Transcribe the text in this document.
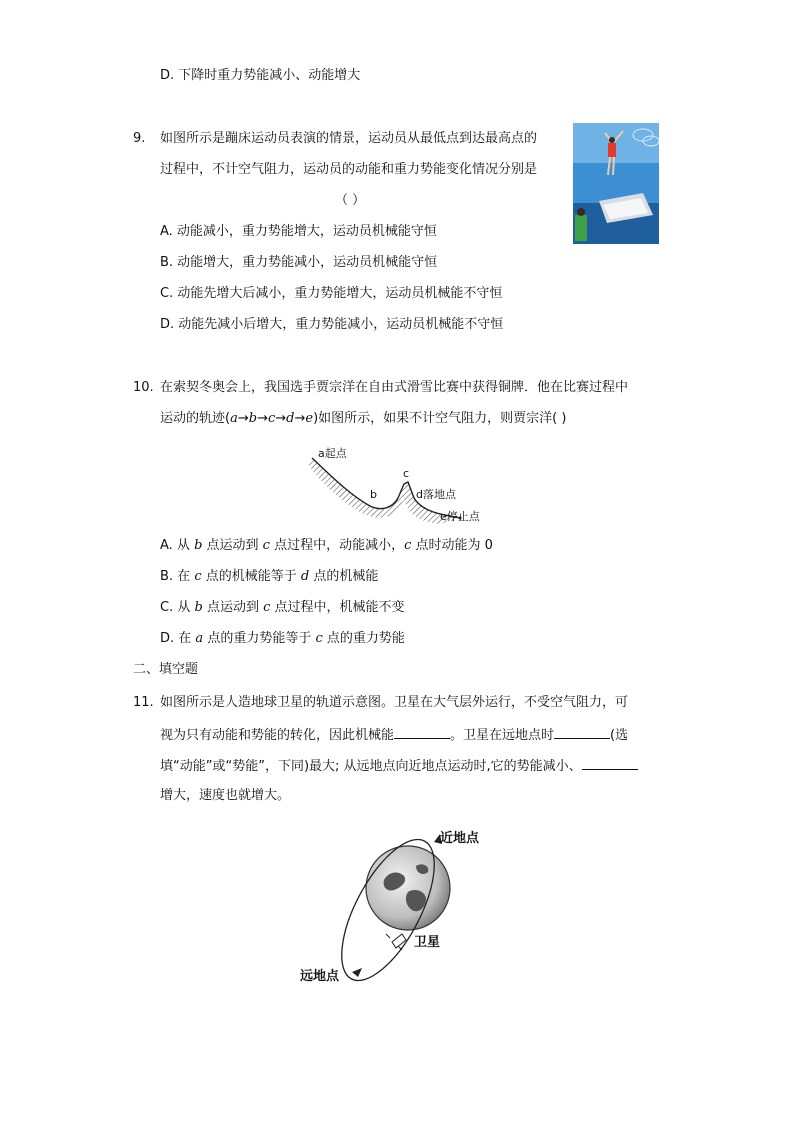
D. 下降时重力势能减小、动能增大
9. 如图所示是蹦床运动员表演的情景，运动员从最低点到达最高点的
过程中，不计空气阻力，运动员的动能和重力势能变化情况分别是
（ ）
A. 动能减小，重力势能增大，运动员机械能守恒
B. 动能增大，重力势能减小，运动员机械能守恒
C. 动能先增大后减小，重力势能增大，运动员机械能不守恒
D. 动能先减小后增大，重力势能减小，运动员机械能不守恒
10. 在索契冬奥会上，我国选手贾宗洋在自由式滑雪比赛中获得铜牌．他在比赛过程中
运动的轨迹(a→b→c→d→e)如图所示，如果不计空气阻力，则贾宗洋( )
a起点
b
c
d落地点
e停止点
A. 从 b 点运动到 c 点过程中，动能减小，c 点时动能为 0
B. 在 c 点的机械能等于 d 点的机械能
C. 从 b 点运动到 c 点过程中，机械能不变
D. 在 a 点的重力势能等于 c 点的重力势能
二、填空题
11. 如图所示是人造地球卫星的轨道示意图。卫星在大气层外运行，不受空气阻力，可
视为只有动能和势能的转化，因此机械能	。卫星在远地点时	(选
填“动能”或“势能”，下同)最大; 从远地点向近地点运动时,它的势能减小、
增大，速度也就增大。
近地点
远地点
卫星
